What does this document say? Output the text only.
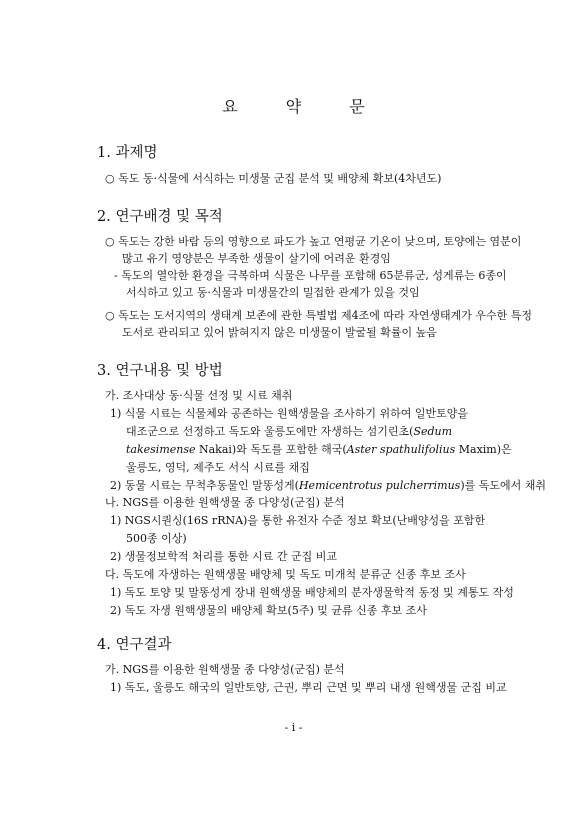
요	약	문
1. 과제명
○ 독도 동·식물에 서식하는 미생물 군집 분석 및 배양체 확보(4차년도)
2. 연구배경 및 목적
○ 독도는 강한 바람 등의 영향으로 파도가 높고 연평균 기온이 낮으며, 토양에는 염분이
많고 유기 영양분은 부족한 생물이 살기에 어려운 환경임
- 독도의 열악한 환경을 극복하며 식물은 나무를 포함해 65분류군, 성게류는 6종이
서식하고 있고 동·식물과 미생물간의 밀접한 관계가 있을 것임
○ 독도는 도서지역의 생태계 보존에 관한 특별법 제4조에 따라 자연생태계가 우수한 특정
도서로 관리되고 있어 밝혀지지 않은 미생물이 발굴될 확률이 높음
3. 연구내용 및 방법
가. 조사대상 동·식물 선정 및 시료 채취
1) 식물 시료는 식물체와 공존하는 원핵생물을 조사하기 위하여 일반토양을
대조군으로 선정하고 독도와 울릉도에만 자생하는 섬기린초(Sedum
takesimense Nakai)와 독도를 포함한 해국(Aster spathulifolius Maxim)은
울릉도, 영덕, 제주도 서식 시료를 채집
2) 동물 시료는 무척추동물인 말똥성게(Hemicentrotus pulcherrimus)를 독도에서 채취
나. NGS를 이용한 원핵생물 종 다양성(군집) 분석
1) NGS시퀀싱(16S rRNA)을 통한 유전자 수준 정보 확보(난배양성을 포함한
500종 이상)
2) 생물정보학적 처리를 통한 시료 간 군집 비교
다. 독도에 자생하는 원핵생물 배양체 및 독도 미개척 분류군 신종 후보 조사
1) 독도 토양 및 말똥성게 장내 원핵생물 배양체의 분자생물학적 동정 및 계통도 작성
2) 독도 자생 원핵생물의 배양체 확보(5주) 및 균류 신종 후보 조사
4. 연구결과
가. NGS를 이용한 원핵생물 종 다양성(군집) 분석
1) 독도, 울릉도 해국의 일반토양, 근권, 뿌리 근면 및 뿌리 내생 원핵생물 군집 비교
- i -
